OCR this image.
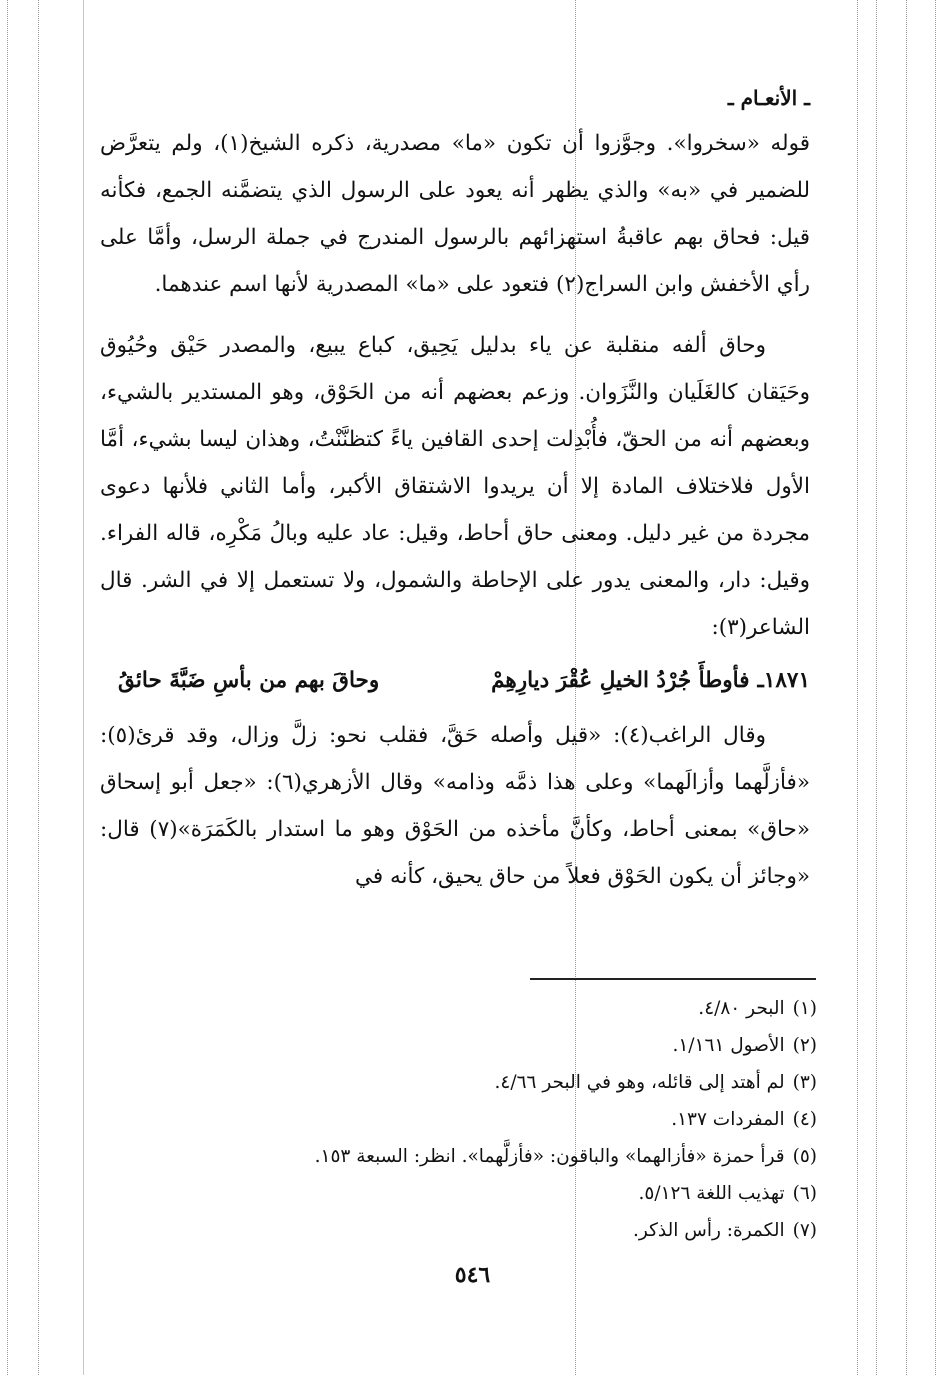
ـ الأنعـام ـ

قوله «سخروا». وجوَّزوا أن تكون «ما» مصدرية، ذكره الشيخ(١)، ولم يتعرَّض للضمير في «به» والذي يظهر أنه يعود على الرسول الذي يتضمَّنه الجمع، فكأنه قيل: فحاق بهم عاقبةُ استهزائهم بالرسول المندرج في جملة الرسل، وأمَّا على رأي الأخفش وابن السراج(٢) فتعود على «ما» المصدرية لأنها اسم عندهما.

وحاق ألفه منقلبة عن ياء بدليل يَحِيق، كباع يبيع، والمصدر حَيْق وحُيُوق وحَيَقان كالغَلَيان والنَّزَوان. وزعم بعضهم أنه من الحَوْق، وهو المستدير بالشيء، وبعضهم أنه من الحقّ، فأُبْدِلت إحدى القافين ياءً كتظنَّنْتُ، وهذان ليسا بشيء، أمَّا الأول فلاختلاف المادة إلا أن يريدوا الاشتقاق الأكبر، وأما الثاني فلأنها دعوى مجردة من غير دليل. ومعنى حاق أحاط، وقيل: عاد عليه وبالُ مَكْرِه، قاله الفراء. وقيل: دار، والمعنى يدور على الإحاطة والشمول، ولا تستعمل إلا في الشر. قال الشاعر(٣):

١٨٧١ـ
فأوطأَ جُرْدُ الخيلِ عُقْرَ ديارِهِمْ
وحاقَ بهم من بأسِ ضَبَّةَ حائقُ

وقال الراغب(٤): «قيل وأصله حَقَّ، فقلب نحو: زلَّ وزال، وقد قرئ(٥): «فأزلَّهما وأزالَهما» وعلى هذا ذمَّه وذامه» وقال الأزهري(٦): «جعل أبو إسحاق «حاق» بمعنى أحاط، وكأنَّ مأخذه من الحَوْق وهو ما استدار بالكَمَرَة»(٧) قال: «وجائز أن يكون الحَوْق فعلاً من حاق يحيق، كأنه في

(١)البحر ٤/٨٠.
(٢)الأصول ١/١٦١.
(٣)لم أهتد إلى قائله، وهو في البحر ٤/٦٦.
(٤)المفردات ١٣٧.
(٥)قرأ حمزة «فأزالهما» والباقون: «فأزلَّهما». انظر: السبعة ١٥٣.
(٦)تهذيب اللغة ٥/١٢٦.
(٧)الكمرة: رأس الذكر.
٥٤٦
